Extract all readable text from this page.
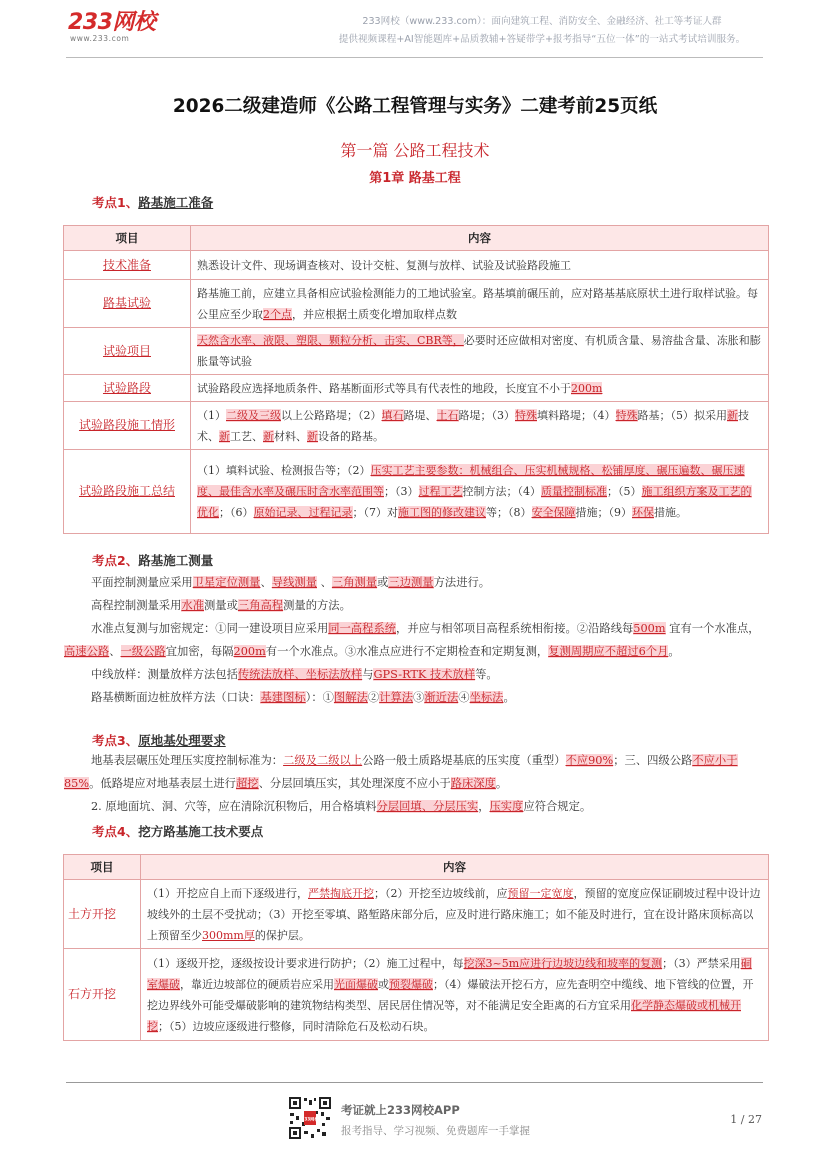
233网校
www.233.com
233网校（www.233.com）：面向建筑工程、消防安全、金融经济、社工等考证人群
提供视频课程+AI智能题库+品质教辅+答疑带学+报考指导“五位一体”的一站式考试培训服务。
2026二级建造师《公路工程管理与实务》二建考前25页纸
第一篇 公路工程技术
第1章 路基工程
考点1、路基施工准备
项目	内容
技术准备	熟悉设计文件、现场调查核对、设计交桩、复测与放样、试验及试验路段施工
路基试验	路基施工前，应建立具备相应试验检测能力的工地试验室。路基填前碾压前，应对路基基底原状土进行取样试验。每公里应至少取2个点，并应根据土质变化增加取样点数
试验项目	天然含水率、液限、塑限、颗粒分析、击实、CBR等，必要时还应做相对密度、有机质含量、易溶盐含量、冻胀和膨胀量等试验
试验路段	试验路段应选择地质条件、路基断面形式等具有代表性的地段，长度宜不小于200m
试验路段施工情形	（1）二级及三级以上公路路堤；（2）填石路堤、土石路堤；（3）特殊填料路堤；（4）特殊路基；（5）拟采用新技术、新工艺、新材料、新设备的路基。
试验路段施工总结	（1）填料试验、检测报告等；（2）压实工艺主要参数：机械组合、压实机械规格、松铺厚度、碾压遍数、碾压速度、最佳含水率及碾压时含水率范围等；（3）过程工艺控制方法；（4）质量控制标准；（5）施工组织方案及工艺的优化；（6）原始记录、过程记录；（7）对施工图的修改建议等；（8）安全保障措施；（9）环保措施。
考点2、路基施工测量
平面控制测量应采用卫星定位测量、导线测量 、三角测量或三边测量方法进行。
高程控制测量采用水准测量或三角高程测量的方法。
水准点复测与加密规定：①同一建设项目应采用同一高程系统，并应与相邻项目高程系统相衔接。②沿路线每500m 宜有一个水准点，高速公路、一级公路宜加密，每隔200m有一个水准点。③水准点应进行不定期检查和定期复测，复测周期应不超过6个月。
中线放样：测量放样方法包括传统法放样、坐标法放样与GPS-RTK 技术放样等。
路基横断面边桩放样方法（口诀：基建图标）：①图解法②计算法③渐近法④坐标法。
考点3、原地基处理要求
地基表层碾压处理压实度控制标准为：二级及二级以上公路一般土质路堤基底的压实度（重型）不应90%；三、四级公路不应小于85%。低路堤应对地基表层土进行超挖、分层回填压实，其处理深度不应小于路床深度。
2. 原地面坑、洞、穴等，应在清除沉积物后，用合格填料分层回填、分层压实，压实度应符合规定。
考点4、挖方路基施工技术要点
项目	内容
土方开挖	（1）开挖应自上而下逐级进行，严禁掏底开挖；（2）开挖至边坡线前，应预留一定宽度，预留的宽度应保证刷坡过程中设计边坡线外的土层不受扰动；（3）开挖至零填、路堑路床部分后，应及时进行路床施工；如不能及时进行，宜在设计路床顶标高以上预留至少300mm厚的保护层。
石方开挖	（1）逐级开挖，逐级按设计要求进行防护；（2）施工过程中，每挖深3~5m应进行边坡边线和坡率的复测；（3）严禁采用硐室爆破，靠近边坡部位的硬质岩应采用光面爆破或预裂爆破；（4）爆破法开挖石方，应先查明空中缆线、地下管线的位置，开挖边界线外可能受爆破影响的建筑物结构类型、居民居住情况等，对不能满足安全距离的石方宜采用化学静态爆破或机械开挖；（5）边坡应逐级进行整修，同时清除危石及松动石块。
233网校
考证就上233网校APP
报考指导、学习视频、免费题库一手掌握
1 / 27
